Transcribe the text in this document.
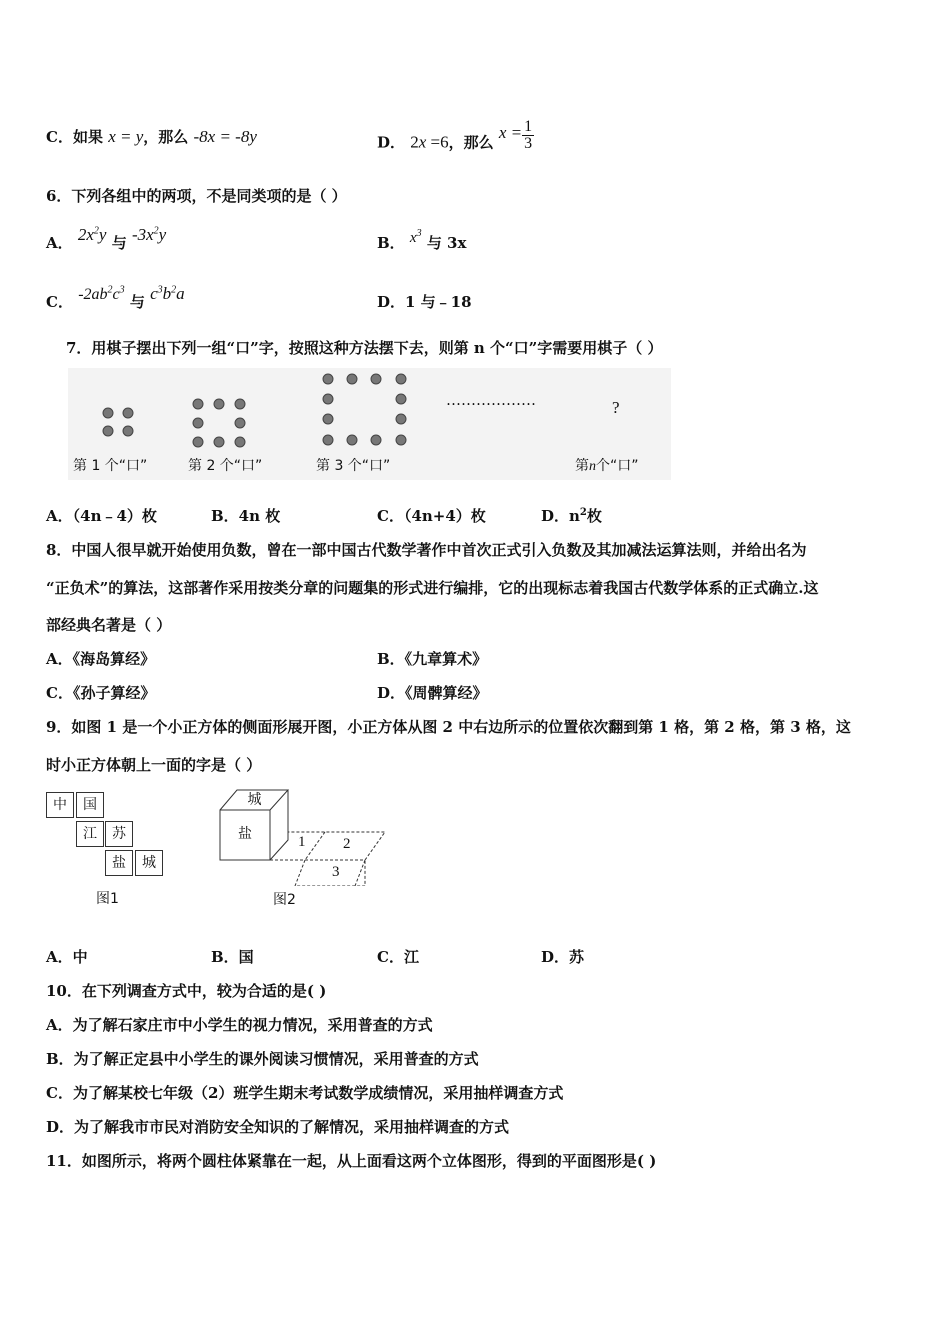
C．如果 x = y，那么 -8x = -8y	D． 2x =6，那么 $x = \frac{1}{3}$
6．下列各组中的两项，不是同类项的是（ ）
A． $2x^2y$ 与 $-3x^2y$	B． $x^3$ 与 3x
C． $-2ab^2c^3$ 与 $c^3b^2a$	D．1 与﹣18
7．用棋子摆出下列一组“口”字，按照这种方法摆下去，则第 n 个“口”字需要用棋子（ ）
第 1 个“口”	第 2 个“口”	第 3 个“口”
………………	?
第n个“口”
A．（4n﹣4）枚	B．4n 枚	C．（4n+4）枚	D．$n^2$枚
8．中国人很早就开始使用负数，曾在一部中国古代数学著作中首次正式引入负数及其加减法运算法则，并给出名为
“正负术”的算法，这部著作采用按类分章的问题集的形式进行编排，它的出现标志着我国古代数学体系的正式确立.这
部经典名著是（ ）
A．《海岛算经》	B．《九章算术》
C．《孙子算经》	D．《周髀算经》
9．如图 1 是一个小正方体的侧面形展开图，小正方体从图 2 中右边所示的位置依次翻到第 1 格，第 2 格，第 3 格，这
时小正方体朝上一面的字是（ ）
中	国
江	苏
盐	城
图1
城
盐	1	2
3
图2
A．中	B．国	C．江	D．苏
10．在下列调查方式中，较为合适的是( )
A．为了解石家庄市中小学生的视力情况，采用普查的方式
B．为了解正定县中小学生的课外阅读习惯情况，采用普查的方式
C．为了解某校七年级（2）班学生期末考试数学成绩情况，采用抽样调查方式
D．为了解我市市民对消防安全知识的了解情况，采用抽样调查的方式
11．如图所示，将两个圆柱体紧靠在一起，从上面看这两个立体图形，得到的平面图形是( )
